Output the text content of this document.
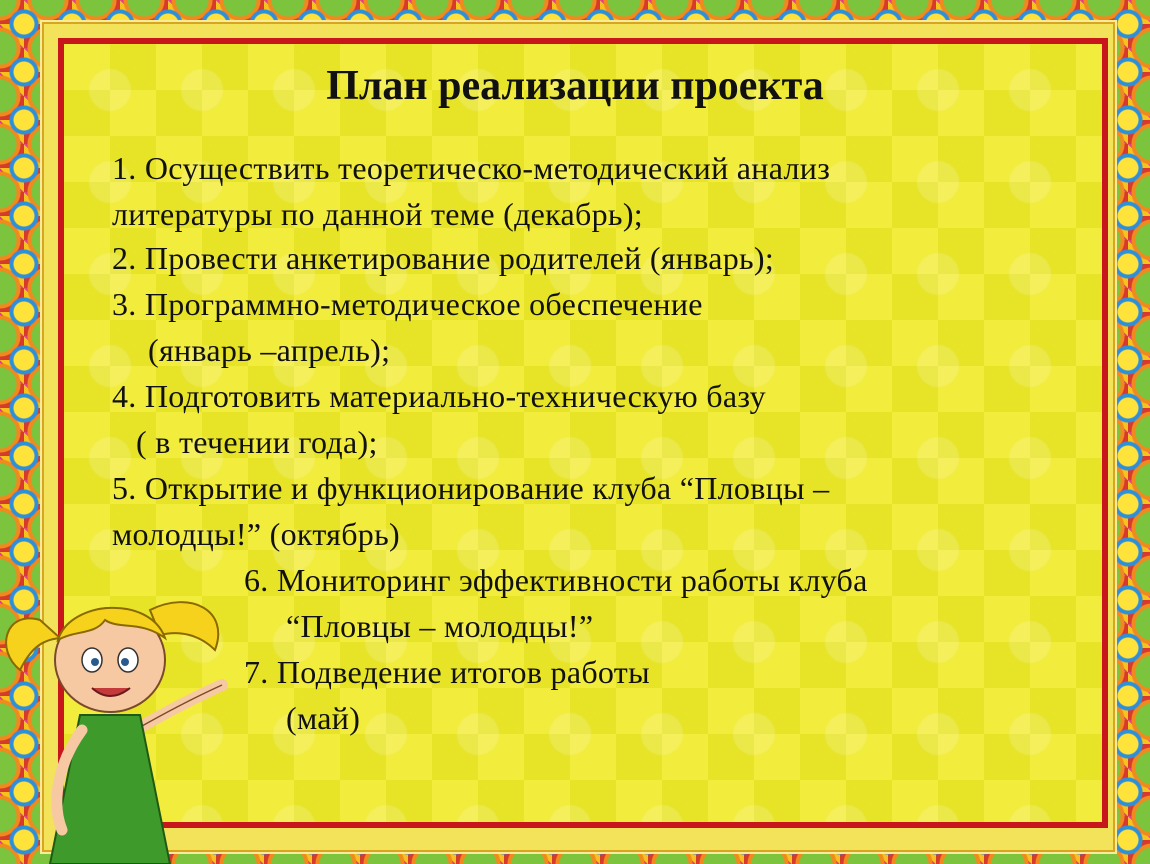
План реализации проекта
1. Осуществить теоретическо-методический анализ
литературы по данной теме (декабрь);
2. Провести анкетирование родителей (январь);
3. Программно-методическое обеспечение
(январь –апрель);
4. Подготовить материально-техническую базу
( в течении года);
5. Открытие и функционирование клуба “Пловцы –
молодцы!” (октябрь)
6. Мониторинг эффективности работы клуба
“Пловцы – молодцы!”
7. Подведение итогов работы
(май)
